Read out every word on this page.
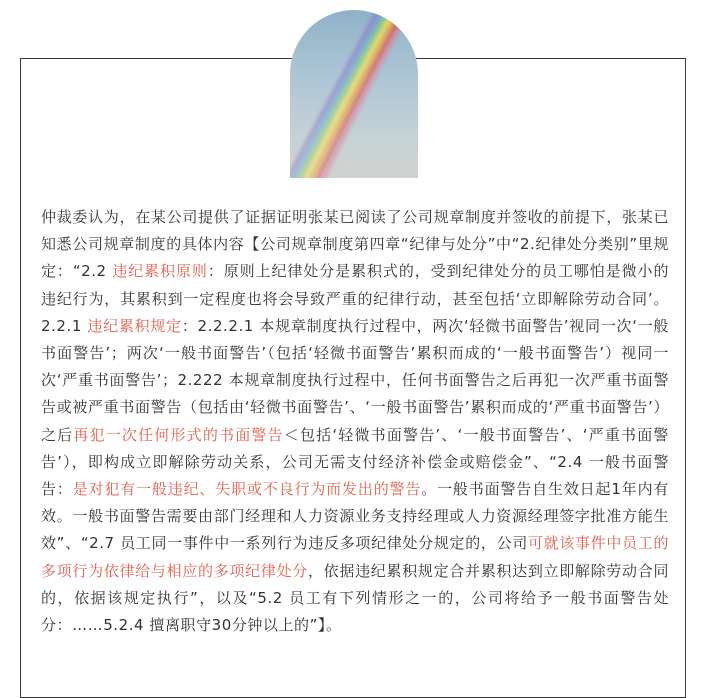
仲裁委认为，在某公司提供了证据证明张某已阅读了公司规章制度并签收的前提下，张某已知悉公司规章制度的具体内容【公司规章制度第四章“纪律与处分”中“2.纪律处分类别”里规定：“2.2 违纪累积原则：原则上纪律处分是累积式的，受到纪律处分的员工哪怕是微小的违纪行为，其累积到一定程度也将会导致严重的纪律行动，甚至包括‘立即解除劳动合同’。2.2.1 违纪累积规定：2.2.2.1 本规章制度执行过程中，两次‘轻微书面警告’视同一次‘一般书面警告’；两次‘一般书面警告’（包括‘轻微书面警告’累积而成的‘一般书面警告’）视同一次‘严重书面警告’；2.222 本规章制度执行过程中，任何书面警告之后再犯一次严重书面警告或被严重书面警告（包括由‘轻微书面警告’、‘一般书面警告’累积而成的‘严重书面警告’）之后再犯一次任何形式的书面警告＜包括‘轻微书面警告’、‘一般书面警告’、‘严重书面警告’），即构成立即解除劳动关系，公司无需支付经济补偿金或赔偿金”、“2.4 一般书面警告：是对犯有一般违纪、失职或不良行为而发出的警告。一般书面警告自生效日起1年内有效。一般书面警告需要由部门经理和人力资源业务支持经理或人力资源经理签字批准方能生效”、“2.7 员工同一事件中一系列行为违反多项纪律处分规定的，公司可就该事件中员工的多项行为依律给与相应的多项纪律处分，依据违纪累积规定合并累积达到立即解除劳动合同的，依据该规定执行”，以及“5.2 员工有下列情形之一的，公司将给予一般书面警告处分：……5.2.4 擅离职守30分钟以上的”】。
